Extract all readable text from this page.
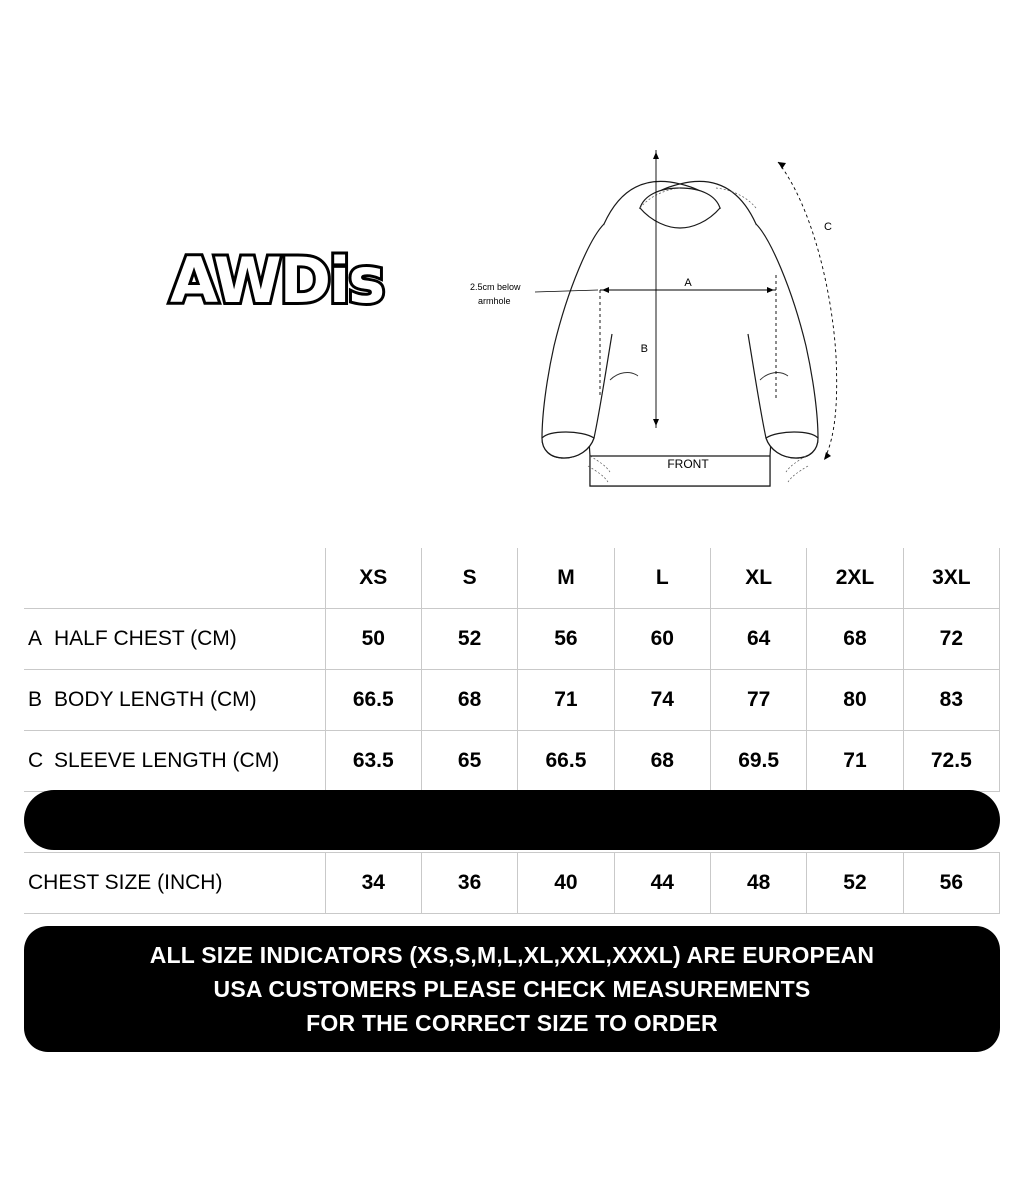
AWDis	A
2.5cm below
armhole
B
C
FRONT
	XS	S	M	L	XL	2XL	3XL
A HALF CHEST (CM)	50	52	56	60	64	68	72
B BODY LENGTH (CM)	66.5	68	71	74	77	80	83
C SLEEVE LENGTH (CM)	63.5	65	66.5	68	69.5	71	72.5
CHEST SIZE (INCH)	34	36	40	44	48	52	56
ALL SIZE INDICATORS (XS,S,M,L,XL,XXL,XXXL) ARE EUROPEAN
USA CUSTOMERS PLEASE CHECK MEASUREMENTS
FOR THE CORRECT SIZE TO ORDER
